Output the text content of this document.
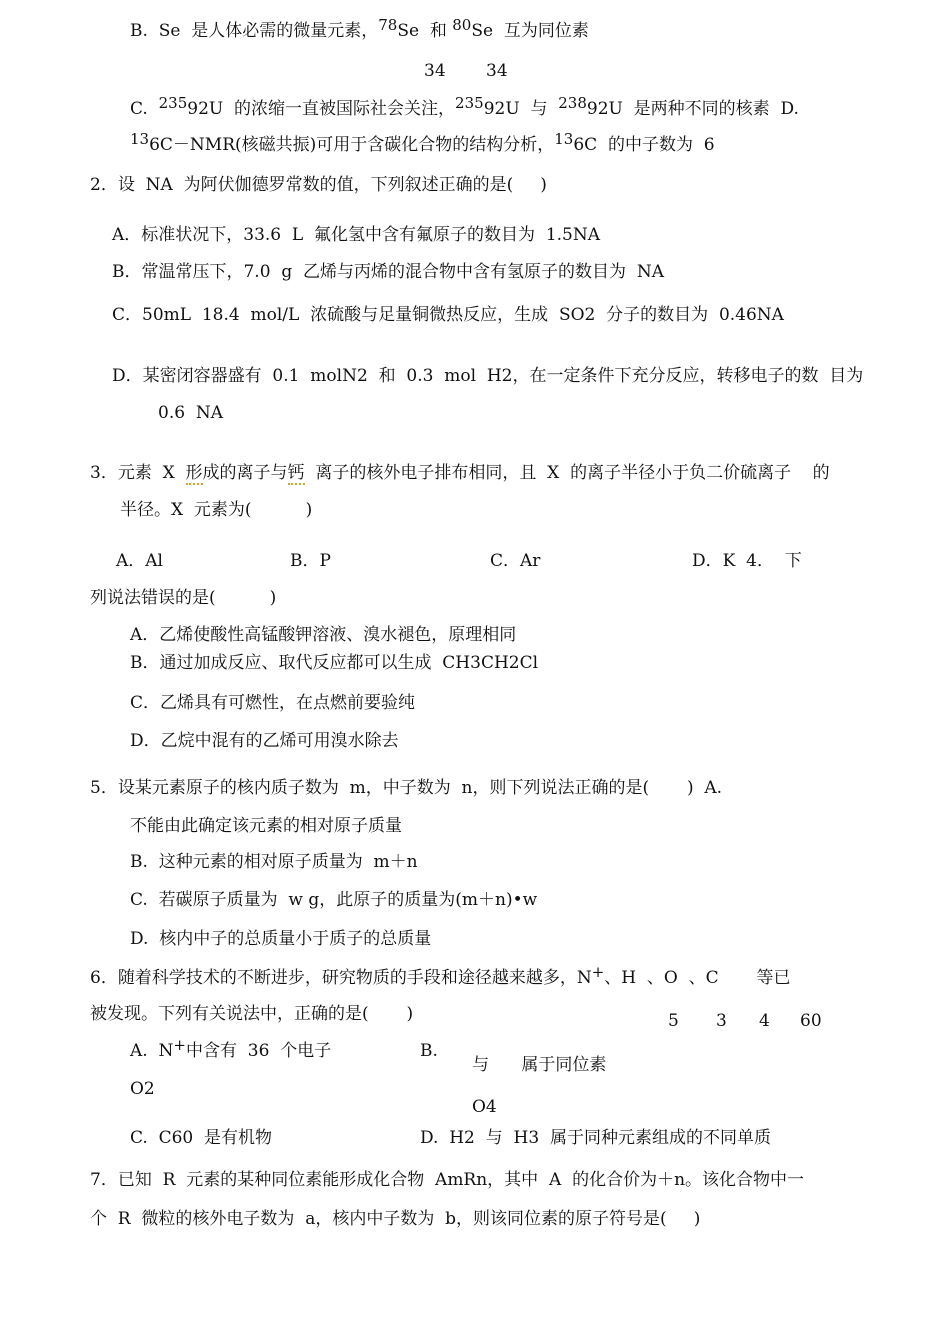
B.  Se  是人体必需的微量元素，78Se  和 80Se  互为同位素
34 34
C.  23592U  的浓缩一直被国际社会关注，23592U  与  23892U  是两种不同的核素  D.
136C－NMR(核磁共振)可用于含碳化合物的结构分析，136C  的中子数为  6
2．设  NA  为阿伏伽德罗常数的值，下列叙述正确的是(     )
A．标准状况下，33.6  L  氟化氢中含有氟原子的数目为  1.5NA
B．常温常压下，7.0  g  乙烯与丙烯的混合物中含有氢原子的数目为  NA
C．50mL  18.4  mol/L  浓硫酸与足量铜微热反应，生成  SO2  分子的数目为  0.46NA
D．某密闭容器盛有  0.1  molN2  和  0.3  mol  H2，在一定条件下充分反应，转移电子的数  目为
0.6  NA
3．元素  X  形成的离子与钙  离子的核外电子排布相同，且  X  的离子半径小于负二价硫离子    的
半径。X  元素为(          )
A．Al	B．P	C．Ar	D．K  4．  下
列说法错误的是(          )
A．乙烯使酸性高锰酸钾溶液、溴水褪色，原理相同
B．通过加成反应、取代反应都可以生成  CH3CH2Cl
C．乙烯具有可燃性，在点燃前要验纯
D．乙烷中混有的乙烯可用溴水除去
5．设某元素原子的核内质子数为  m，中子数为  n，则下列说法正确的是(       )  A.
不能由此确定该元素的相对原子质量
B.  这种元素的相对原子质量为  m＋n
C.  若碳原子质量为  w g，此原子的质量为(m＋n)•w
D.  核内中子的总质量小于质子的总质量
6．随着科学技术的不断进步，研究物质的手段和途径越来越多，N+、H  、O  、C       等已
被发现。下列有关说法中，正确的是(       )	5 3 4 60
A.  N+中含有  36  个电子	B.
与      属于同位素
O2
O4
C.  C60  是有机物	D.  H2  与  H3  属于同种元素组成的不同单质
7．已知  R  元素的某种同位素能形成化合物  AmRn，其中  A  的化合价为＋n。该化合物中一
个  R  微粒的核外电子数为  a，核内中子数为  b，则该同位素的原子符号是(     )
